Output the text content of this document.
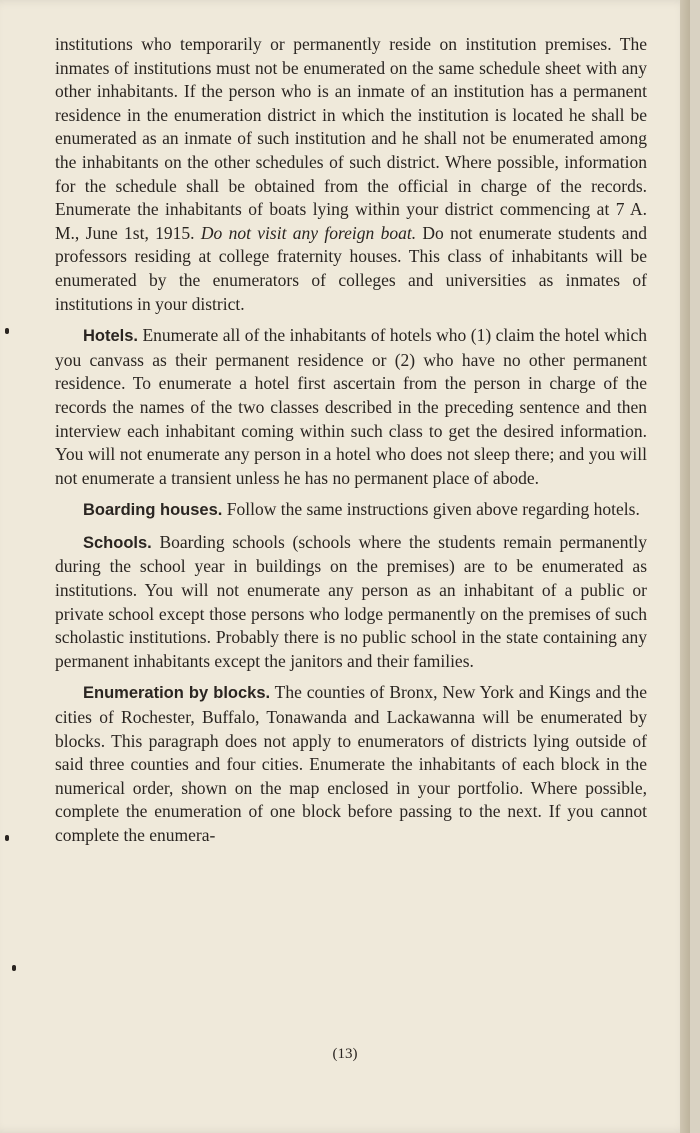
institutions who temporarily or permanently reside on institution premises. The inmates of institutions must not be enumerated on the same schedule sheet with any other inhabitants. If the person who is an inmate of an institution has a permanent residence in the enumeration district in which the institution is located he shall be enumerated as an inmate of such institution and he shall not be enumerated among the inhabitants on the other schedules of such district. Where possible, information for the schedule shall be obtained from the official in charge of the records. Enumerate the inhabitants of boats lying within your district commencing at 7 A. M., June 1st, 1915. Do not visit any foreign boat. Do not enumerate students and professors residing at college fraternity houses. This class of inhabitants will be enumerated by the enumerators of colleges and universities as inmates of institutions in your district.

Hotels. Enumerate all of the inhabitants of hotels who (1) claim the hotel which you canvass as their permanent residence or (2) who have no other permanent residence. To enumerate a hotel first ascertain from the person in charge of the records the names of the two classes described in the preceding sentence and then interview each inhabitant coming within such class to get the desired information. You will not enumerate any person in a hotel who does not sleep there; and you will not enumerate a transient unless he has no permanent place of abode.

Boarding houses. Follow the same instructions given above regarding hotels.

Schools. Boarding schools (schools where the students remain permanently during the school year in buildings on the premises) are to be enumerated as institutions. You will not enumerate any person as an inhabitant of a public or private school except those persons who lodge permanently on the premises of such scholastic institutions. Probably there is no public school in the state containing any permanent inhabitants except the janitors and their families.

Enumeration by blocks. The counties of Bronx, New York and Kings and the cities of Rochester, Buffalo, Tonawanda and Lackawanna will be enumerated by blocks. This paragraph does not apply to enumerators of districts lying outside of said three counties and four cities. Enumerate the inhabitants of each block in the numerical order, shown on the map enclosed in your portfolio. Where possible, complete the enumeration of one block before passing to the next. If you cannot complete the enumera-

(13)
